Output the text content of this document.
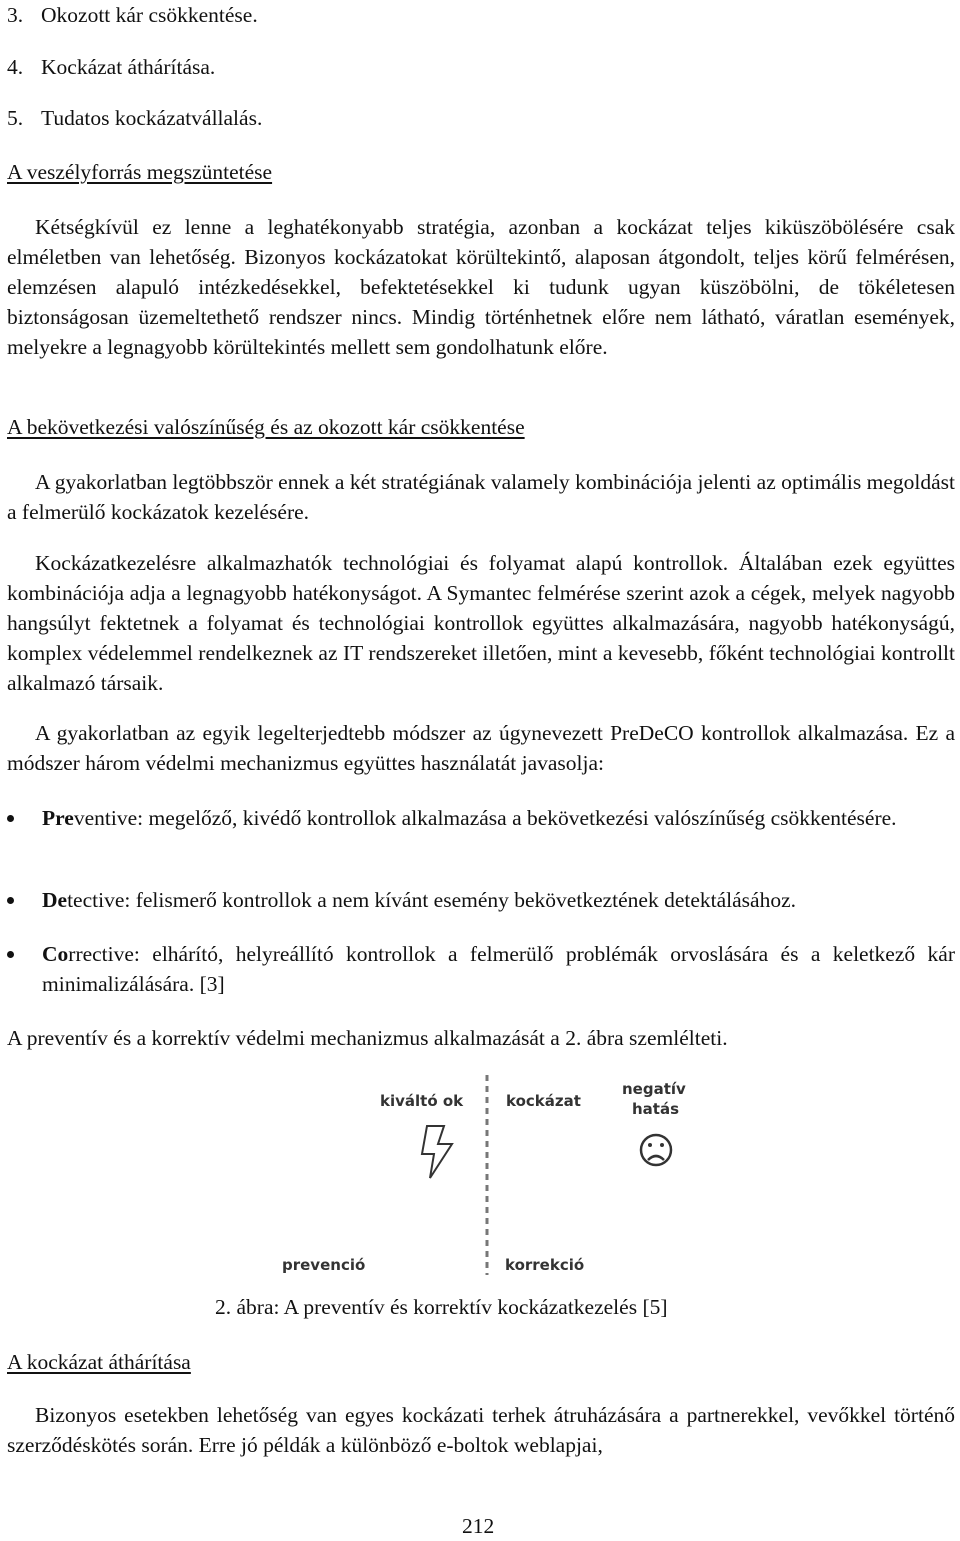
3. Okozott kár csökkentése.

4. Kockázat áthárítása.

5. Tudatos kockázatvállalás.

A veszélyforrás megszüntetése

Kétségkívül ez lenne a leghatékonyabb stratégia, azonban a kockázat teljes kiküszöbölésére csak elméletben van lehetőség. Bizonyos kockázatokat körültekintő, alaposan átgondolt, teljes körű felmérésen, elemzésen alapuló intézkedésekkel, befektetésekkel ki tudunk ugyan küszöbölni, de tökéletesen biztonságosan üzemeltethető rendszer nincs. Mindig történhetnek előre nem látható, váratlan események, melyekre a legnagyobb körültekintés mellett sem gondolhatunk előre.

A bekövetkezési valószínűség és az okozott kár csökkentése

A gyakorlatban legtöbbször ennek a két stratégiának valamely kombinációja jelenti az optimális megoldást a felmerülő kockázatok kezelésére.

Kockázatkezelésre alkalmazhatók technológiai és folyamat alapú kontrollok. Általában ezek együttes kombinációja adja a legnagyobb hatékonyságot. A Symantec felmérése szerint azok a cégek, melyek nagyobb hangsúlyt fektetnek a folyamat és technológiai kontrollok együttes alkalmazására, nagyobb hatékonyságú, komplex védelemmel rendelkeznek az IT rendszereket illetően, mint a kevesebb, főként technológiai kontrollt alkalmazó társaik.

A gyakorlatban az egyik legelterjedtebb módszer az úgynevezett PreDeCO kontrollok alkalmazása. Ez a módszer három védelmi mechanizmus együttes használatát javasolja:

Preventive: megelőző, kivédő kontrollok alkalmazása a bekövetkezési valószínűség csökkentésére.
Detective: felismerő kontrollok a nem kívánt esemény bekövetkeztének detektálásához.
Corrective: elhárító, helyreállító kontrollok a felmerülő problémák orvoslására és a keletkező kár minimalizálására. [3]

A preventív és a korrektív védelmi mechanizmus alkalmazását a 2. ábra szemlélteti.

kiváltó ok	kockázat
negatív
hatás
prevenció	korrekció

2. ábra: A preventív és korrektív kockázatkezelés [5]

A kockázat áthárítása

Bizonyos esetekben lehetőség van egyes kockázati terhek átruházására a partnerekkel, vevőkkel történő szerződéskötés során. Erre jó példák a különböző e-boltok weblapjai,

212
